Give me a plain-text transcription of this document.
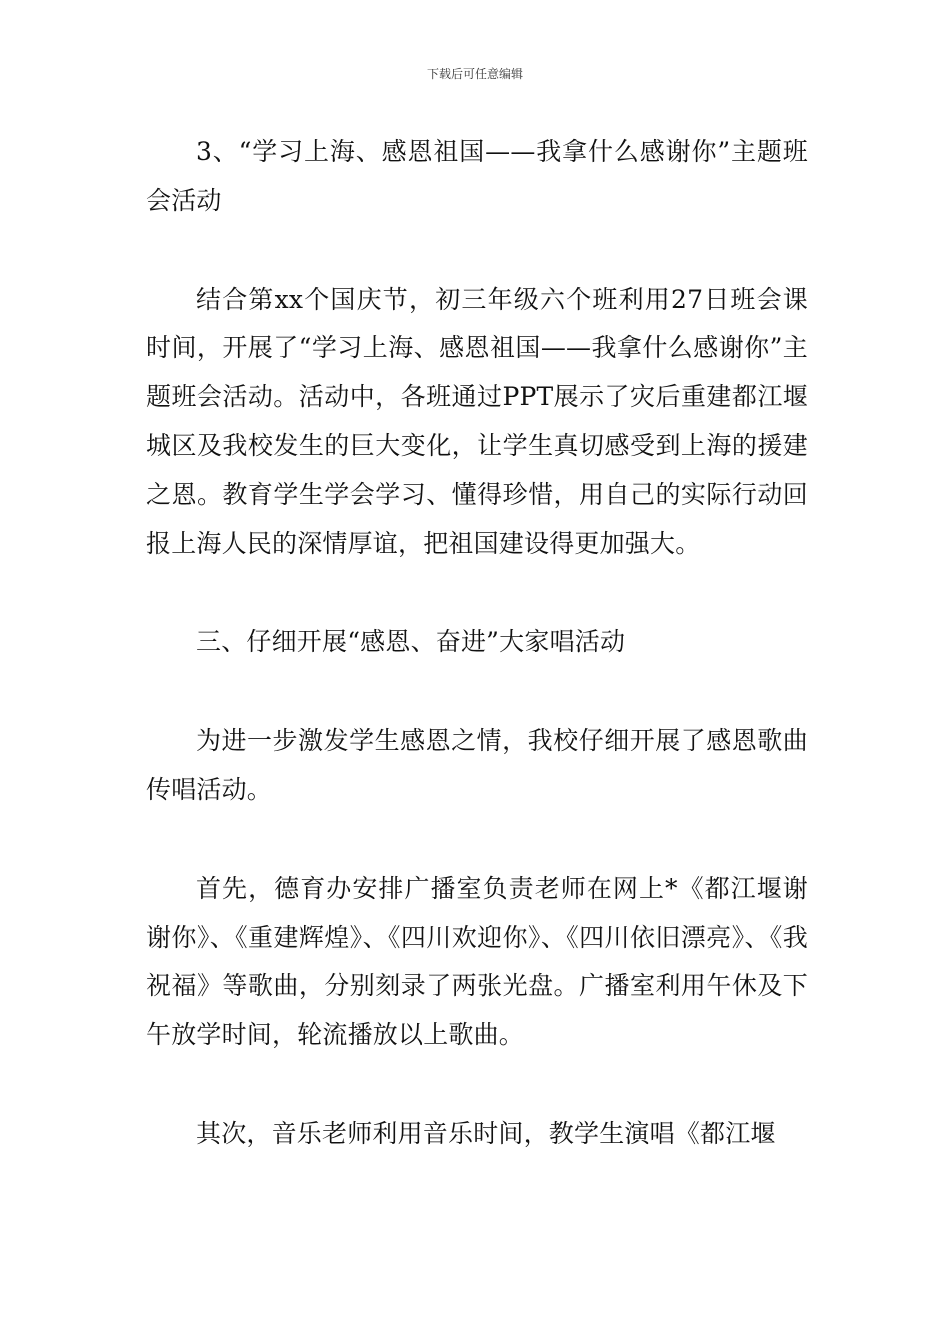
下载后可任意编辑

3、“学习上海、感恩祖国——我拿什么感谢你”主题班会活动

结合第xx个国庆节，初三年级六个班利用27日班会课时间，开展了“学习上海、感恩祖国——我拿什么感谢你”主题班会活动。活动中，各班通过PPT展示了灾后重建都江堰城区及我校发生的巨大变化，让学生真切感受到上海的援建之恩。教育学生学会学习、懂得珍惜，用自己的实际行动回报上海人民的深情厚谊，把祖国建设得更加强大。

三、仔细开展“感恩、奋进”大家唱活动

为进一步激发学生感恩之情，我校仔细开展了感恩歌曲传唱活动。

首先，德育办安排广播室负责老师在网上*《都江堰谢谢你》、《重建辉煌》、《四川欢迎你》、《四川依旧漂亮》、《我祝福》等歌曲，分别刻录了两张光盘。广播室利用午休及下午放学时间，轮流播放以上歌曲。

其次，音乐老师利用音乐时间，教学生演唱《都江堰
